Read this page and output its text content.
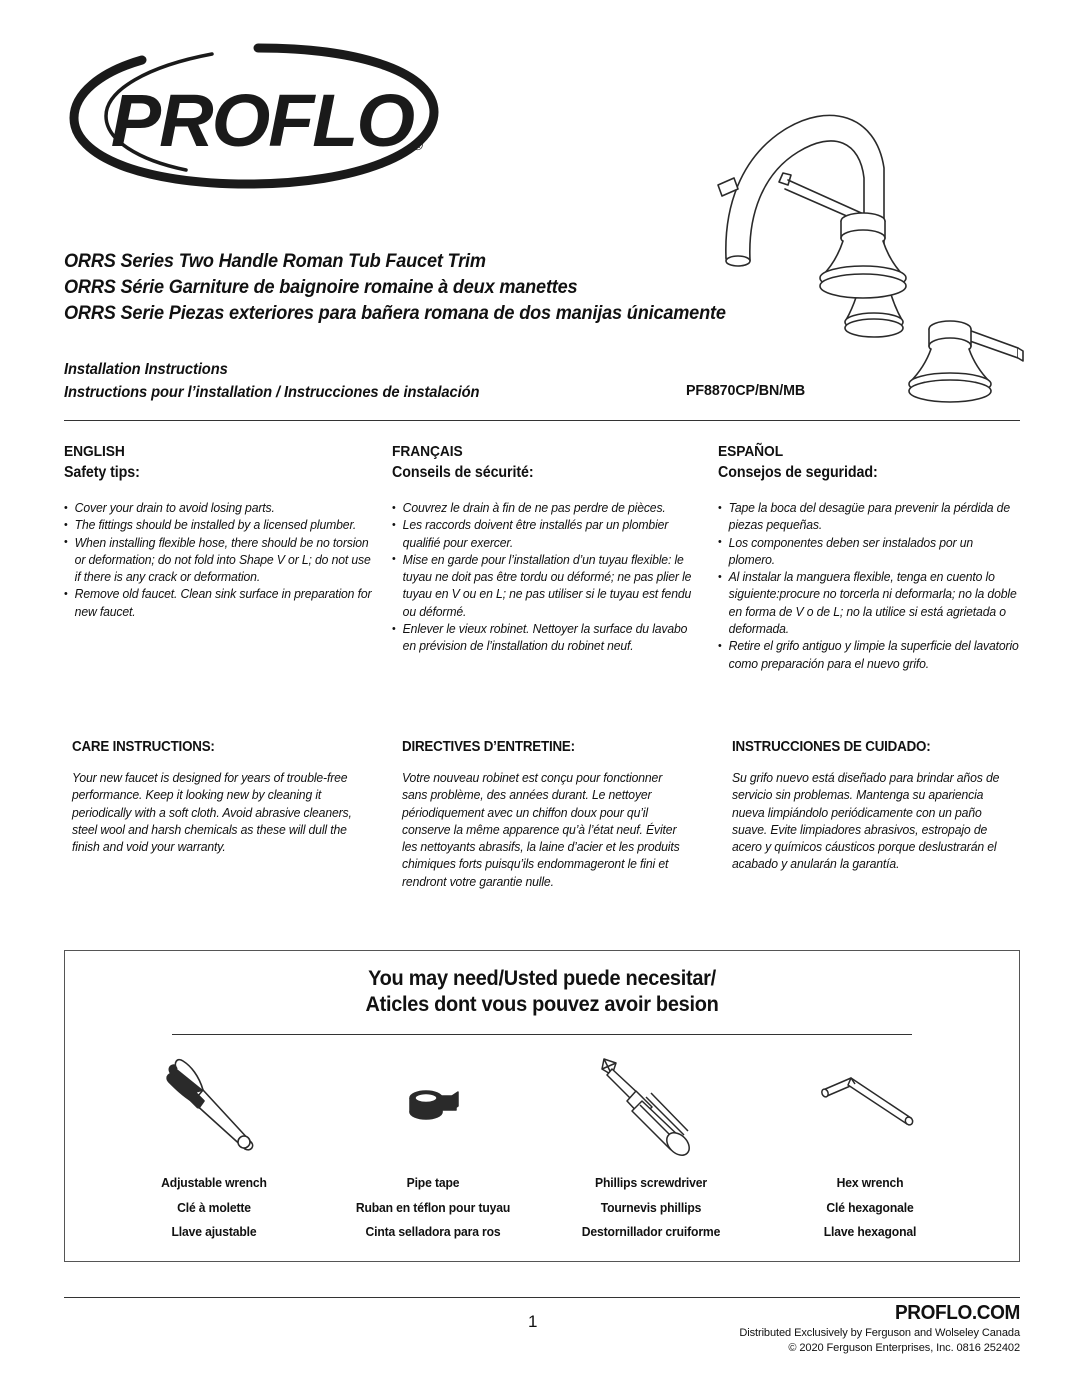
PROFLO
®
ORRS Series Two Handle Roman Tub Faucet Trim
ORRS Série Garniture de baignoire romaine à deux manettes
ORRS Serie Piezas exteriores para bañera romana de dos manijas únicamente
Installation Instructions
Instructions pour l’installation / Instrucciones de instalación	PF8870CP/BN/MB
ENGLISH
Safety tips:
• Cover your drain to avoid losing parts.
• The fittings should be installed by a licensed plumber.
• When installing flexible hose, there should be no torsion or deformation; do not fold into Shape V or L; do not use if there is any crack or deformation.
• Remove old faucet. Clean sink surface in preparation for new faucet.
FRANÇAIS
Conseils de sécurité:
• Couvrez le drain à fin de ne pas perdre de pièces.
• Les raccords doivent être installés par un plombier qualifié pour exercer.
• Mise en garde pour l’installation d’un tuyau flexible: le tuyau ne doit pas être tordu ou déformé; ne pas plier le tuyau en V ou en L; ne pas utiliser si le tuyau est fendu ou déformé.
• Enlever le vieux robinet. Nettoyer la surface du lavabo en prévision de l’installation du robinet neuf.
ESPAÑOL
Consejos de seguridad:
• Tape la boca del desagüe para prevenir la pérdida de piezas pequeñas.
• Los componentes deben ser instalados por un plomero.
• Al instalar la manguera flexible, tenga en cuento lo siguiente:procure no torcerla ni deformarla; no la doble en forma de V o de L; no la utilice si está agrietada o deformada.
• Retire el grifo antiguo y limpie la superficie del lavatorio como preparación para el nuevo grifo.
CARE INSTRUCTIONS:
Your new faucet is designed for years of trouble-free performance. Keep it looking new by cleaning it periodically with a soft cloth. Avoid abrasive cleaners, steel wool and harsh chemicals as these will dull the finish and void your warranty.
DIRECTIVES D’ENTRETINE:
Votre nouveau robinet est conçu pour fonctionner sans problème, des années durant. Le nettoyer périodiquement avec un chiffon doux pour qu’il conserve la même apparence qu’à l’état neuf. Éviter les nettoyants abrasifs, la laine d’acier et les produits chimiques forts puisqu’ils endommageront le fini et rendront votre garantie nulle.
INSTRUCCIONES DE CUIDADO:
Su grifo nuevo está diseñado para brindar años de servicio sin problemas. Mantenga su apariencia nueva limpiándolo periódicamente con un paño suave. Evite limpiadores abrasivos, estropajo de acero y químicos cáusticos porque deslustrarán el acabado y anularán la garantía.
You may need/Usted puede necesitar/
Aticles dont vous pouvez avoir besion
Adjustable wrench
Clé à molette
Llave ajustable
Pipe tape
Ruban en téflon pour tuyau
Cinta selladora para ros
Phillips screwdriver
Tournevis phillips
Destornillador cruiforme
Hex wrench
Clé hexagonale
Llave hexagonal
1	PROFLO.COM
Distributed Exclusively by Ferguson and Wolseley Canada
© 2020 Ferguson Enterprises, Inc. 0816 252402
